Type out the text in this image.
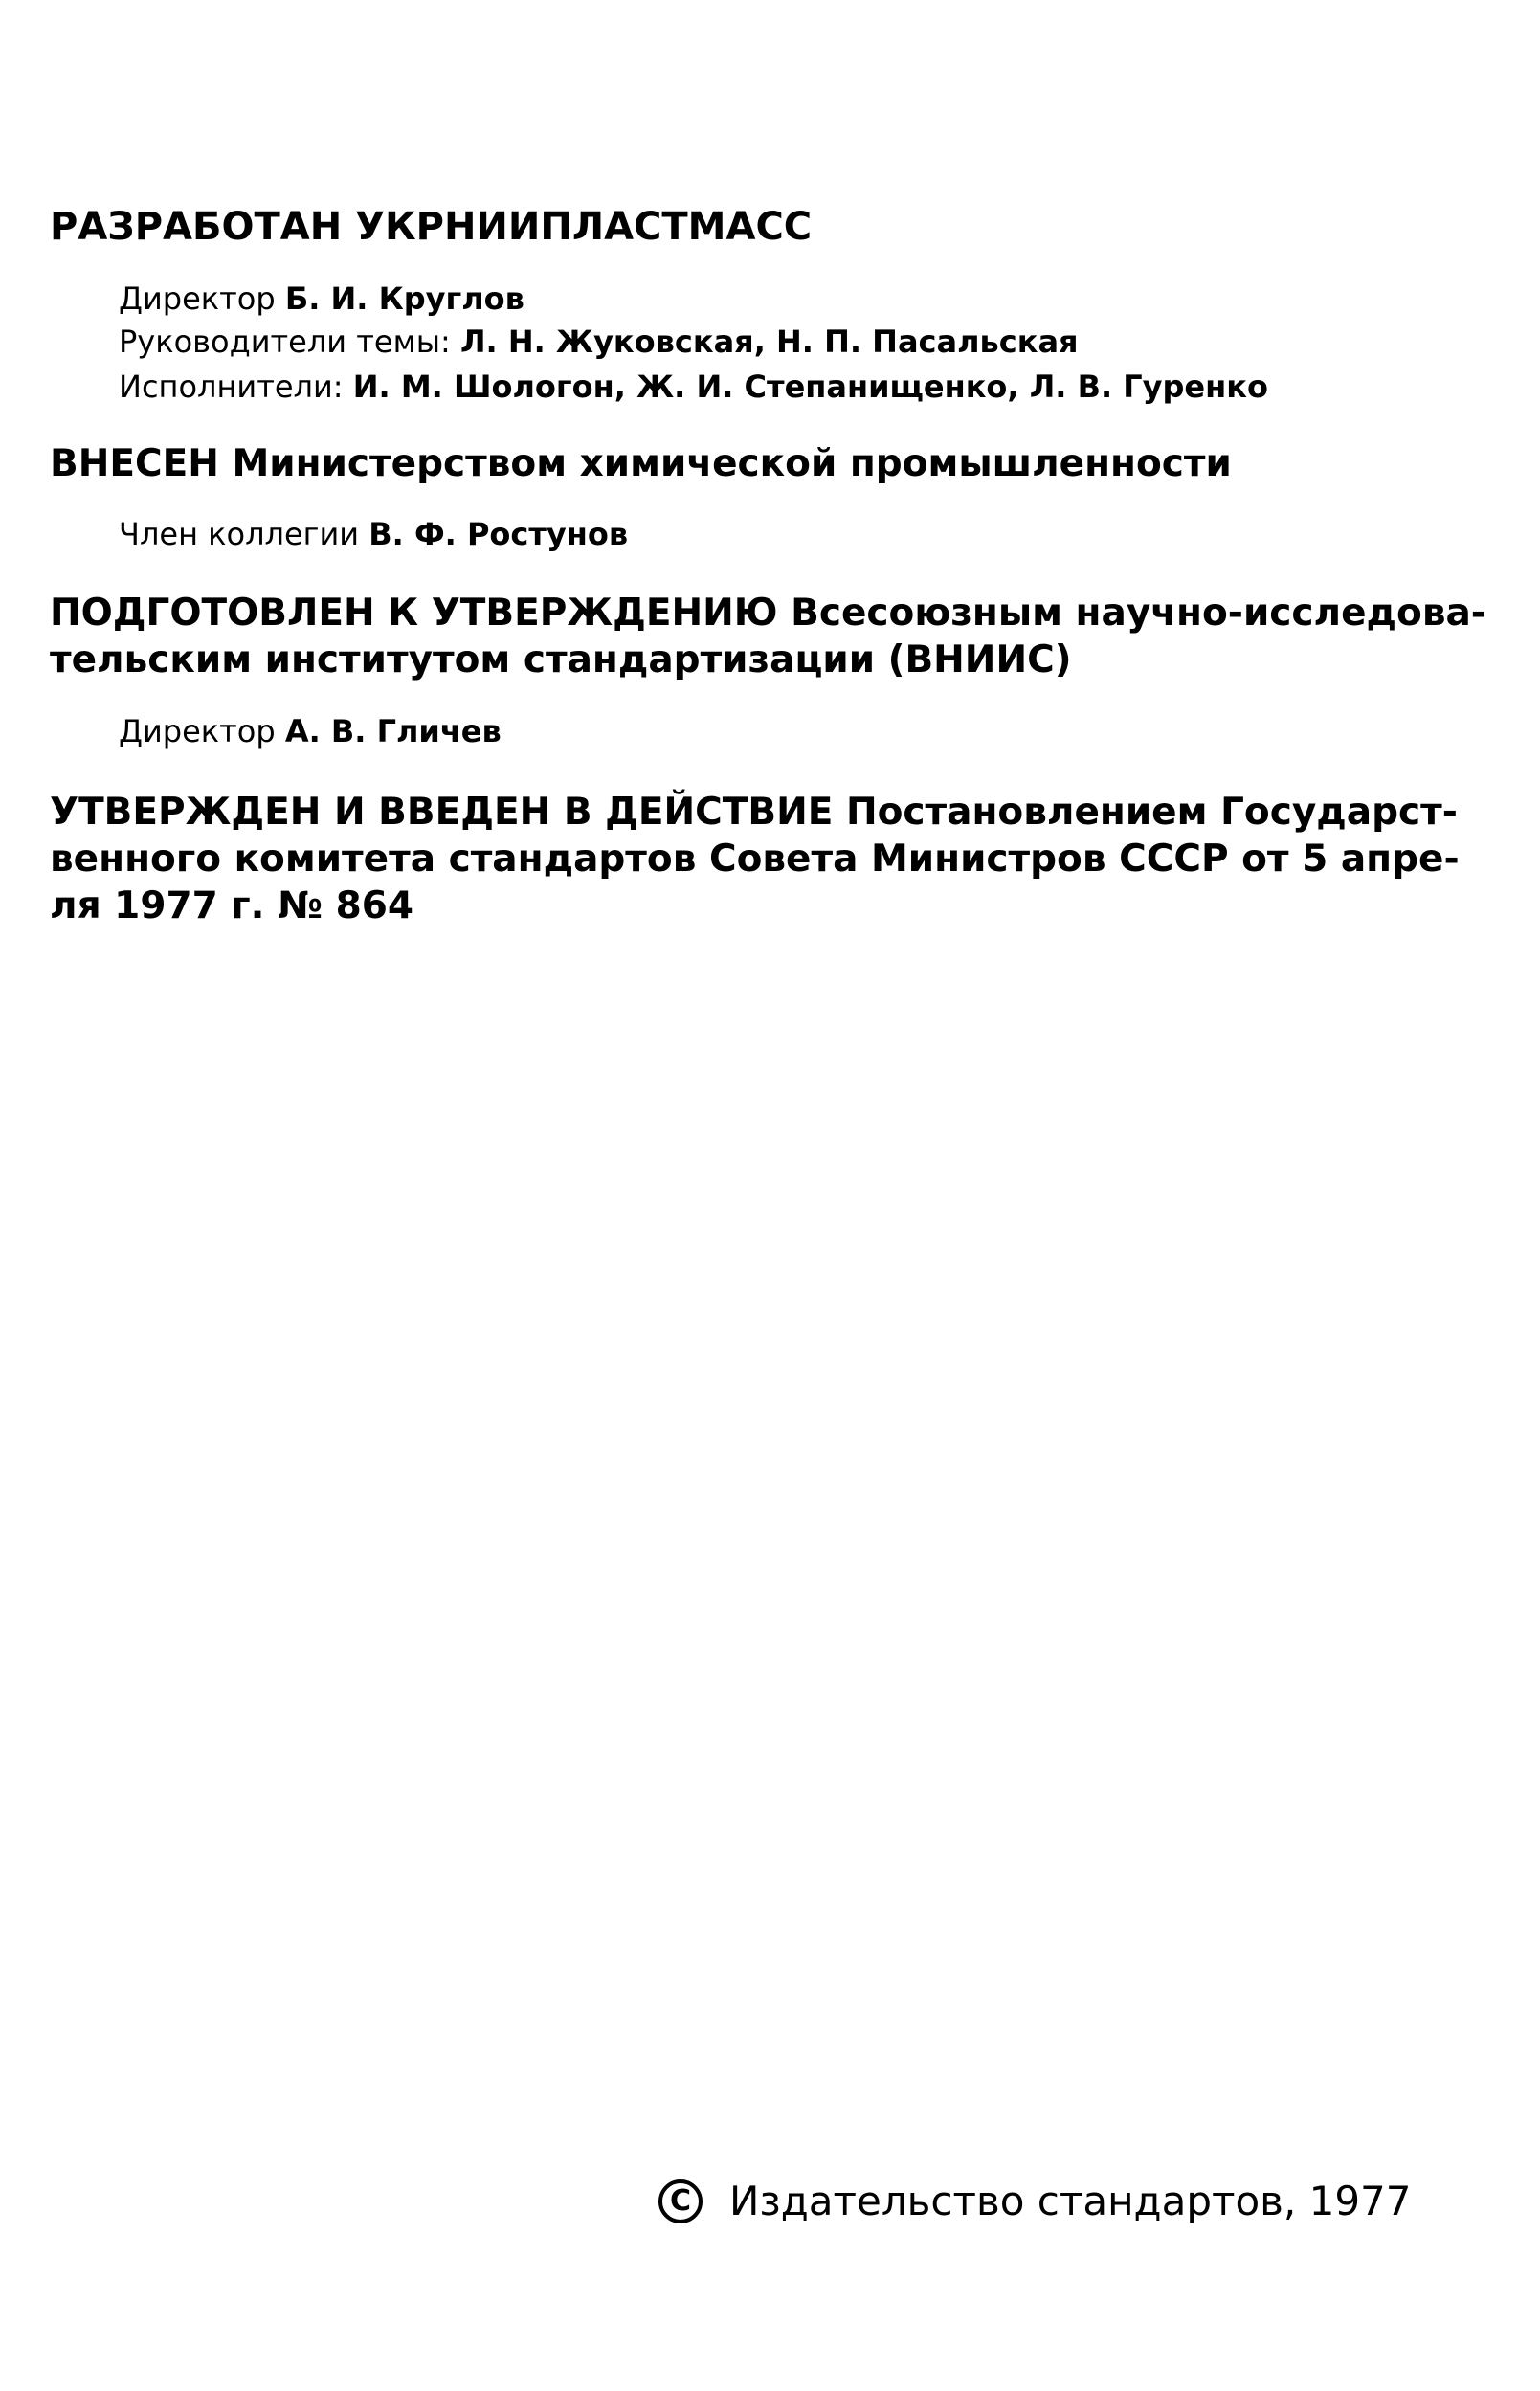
РАЗРАБОТАН УКРНИИПЛАСТМАСС
Директор Б. И. Круглов
Руководители темы: Л. Н. Жуковская, Н. П. Пасальская
Исполнители: И. М. Шологон, Ж. И. Степанищенко, Л. В. Гуренко
ВНЕСЕН Министерством химической промышленности
Член коллегии В. Ф. Ростунов
ПОДГОТОВЛЕН К УТВЕРЖДЕНИЮ Всесоюзным научно-исследова-
тельским институтом стандартизации (ВНИИС)
Директор А. В. Гличев
УТВЕРЖДЕН И ВВЕДЕН В ДЕЙСТВИЕ Постановлением Государст-
венного комитета стандартов Совета Министров СССР от 5 апре-
ля 1977 г. № 864
C Издательство стандартов, 1977
